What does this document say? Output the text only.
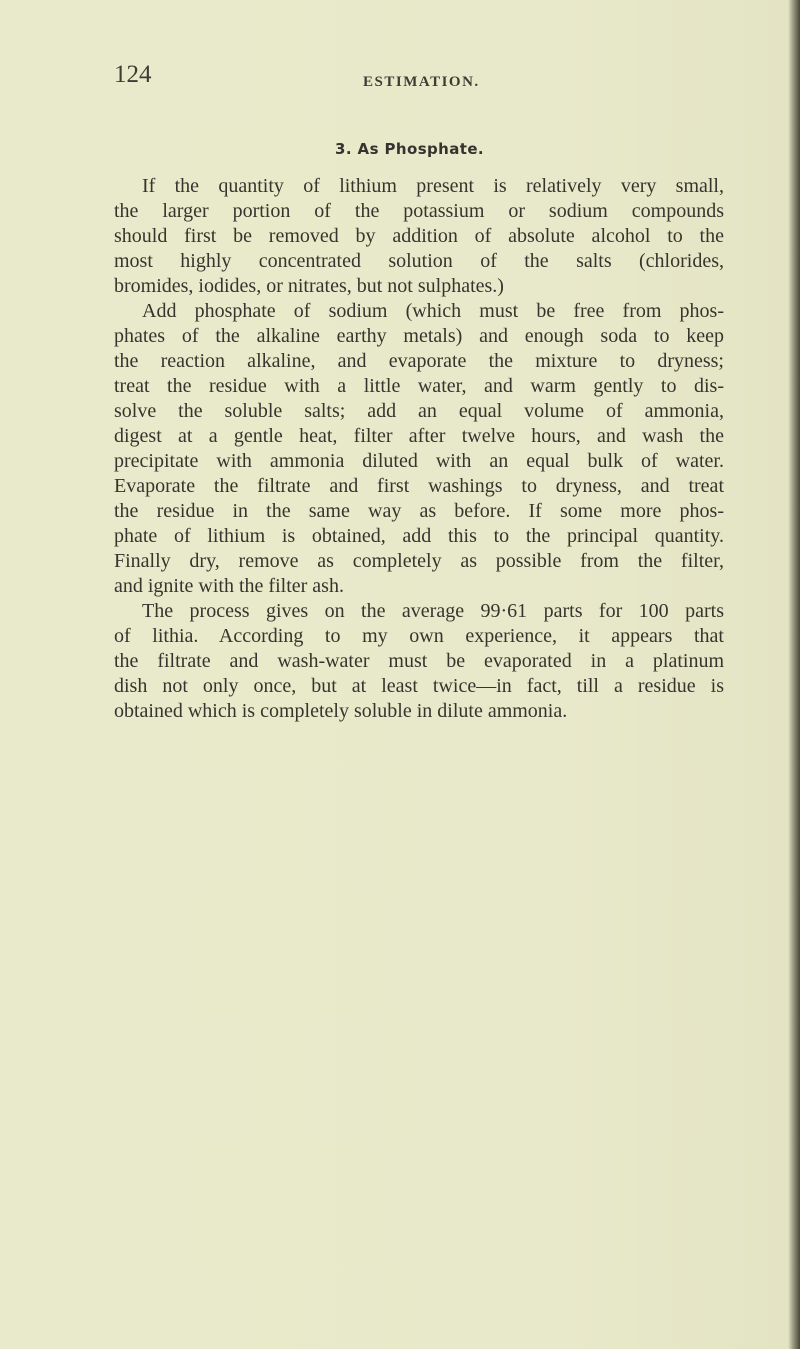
124	ESTIMATION.
3. As Phosphate.
If the quantity of lithium present is relatively very small,
the larger portion of the potassium or sodium compounds
should first be removed by addition of absolute alcohol to the
most highly concentrated solution of the salts (chlorides,
bromides, iodides, or nitrates, but not sulphates.)
Add phosphate of sodium (which must be free from phos-
phates of the alkaline earthy metals) and enough soda to keep
the reaction alkaline, and evaporate the mixture to dryness;
treat the residue with a little water, and warm gently to dis-
solve the soluble salts; add an equal volume of ammonia,
digest at a gentle heat, filter after twelve hours, and wash the
precipitate with ammonia diluted with an equal bulk of water.
Evaporate the filtrate and first washings to dryness, and treat
the residue in the same way as before. If some more phos-
phate of lithium is obtained, add this to the principal quantity.
Finally dry, remove as completely as possible from the filter,
and ignite with the filter ash.
The process gives on the average 99·61 parts for 100 parts
of lithia. According to my own experience, it appears that
the filtrate and wash-water must be evaporated in a platinum
dish not only once, but at least twice—in fact, till a residue is
obtained which is completely soluble in dilute ammonia.
